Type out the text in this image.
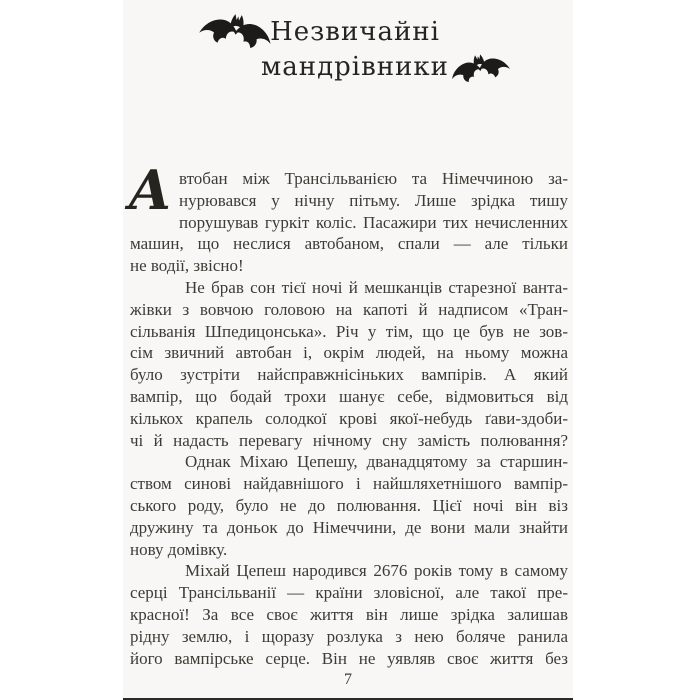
Незвичайні
мандрівники
А втобан між Трансільванією та Німеччиною за-
нурювався у нічну пітьму. Лише зрідка тишу
порушував гуркіт коліс. Пасажири тих нечисленних
машин, що неслися автобаном, спали — але тільки
не водії, звісно!
Не брав сон тієї ночі й мешканців старезної ванта-
жівки з вовчою головою на капоті й надписом «Тран-
сільванія Шпедицонська». Річ у тім, що це був не зов-
сім звичний автобан і, окрім людей, на ньому можна
було зустріти найсправжнісіньких вампірів. А який
вампір, що бодай трохи шанує себе, відмовиться від
кількох крапель солодкої крові якої-небудь ґави-здоби-
чі й надасть перевагу нічному сну замість полювання?
Однак Міхаю Цепешу, дванадцятому за старшин-
ством синові найдавнішого і найшляхетнішого вампір-
ського роду, було не до полювання. Цієї ночі він віз
дружину та доньок до Німеччини, де вони мали знайти
нову домівку.
Міхай Цепеш народився 2676 років тому в самому
серці Трансільванії — країни зловісної, але такої пре-
красної! За все своє життя він лише зрідка залишав
рідну землю, і щоразу розлука з нею боляче ранила
його вампірське серце. Він не уявляв своє життя без
7
